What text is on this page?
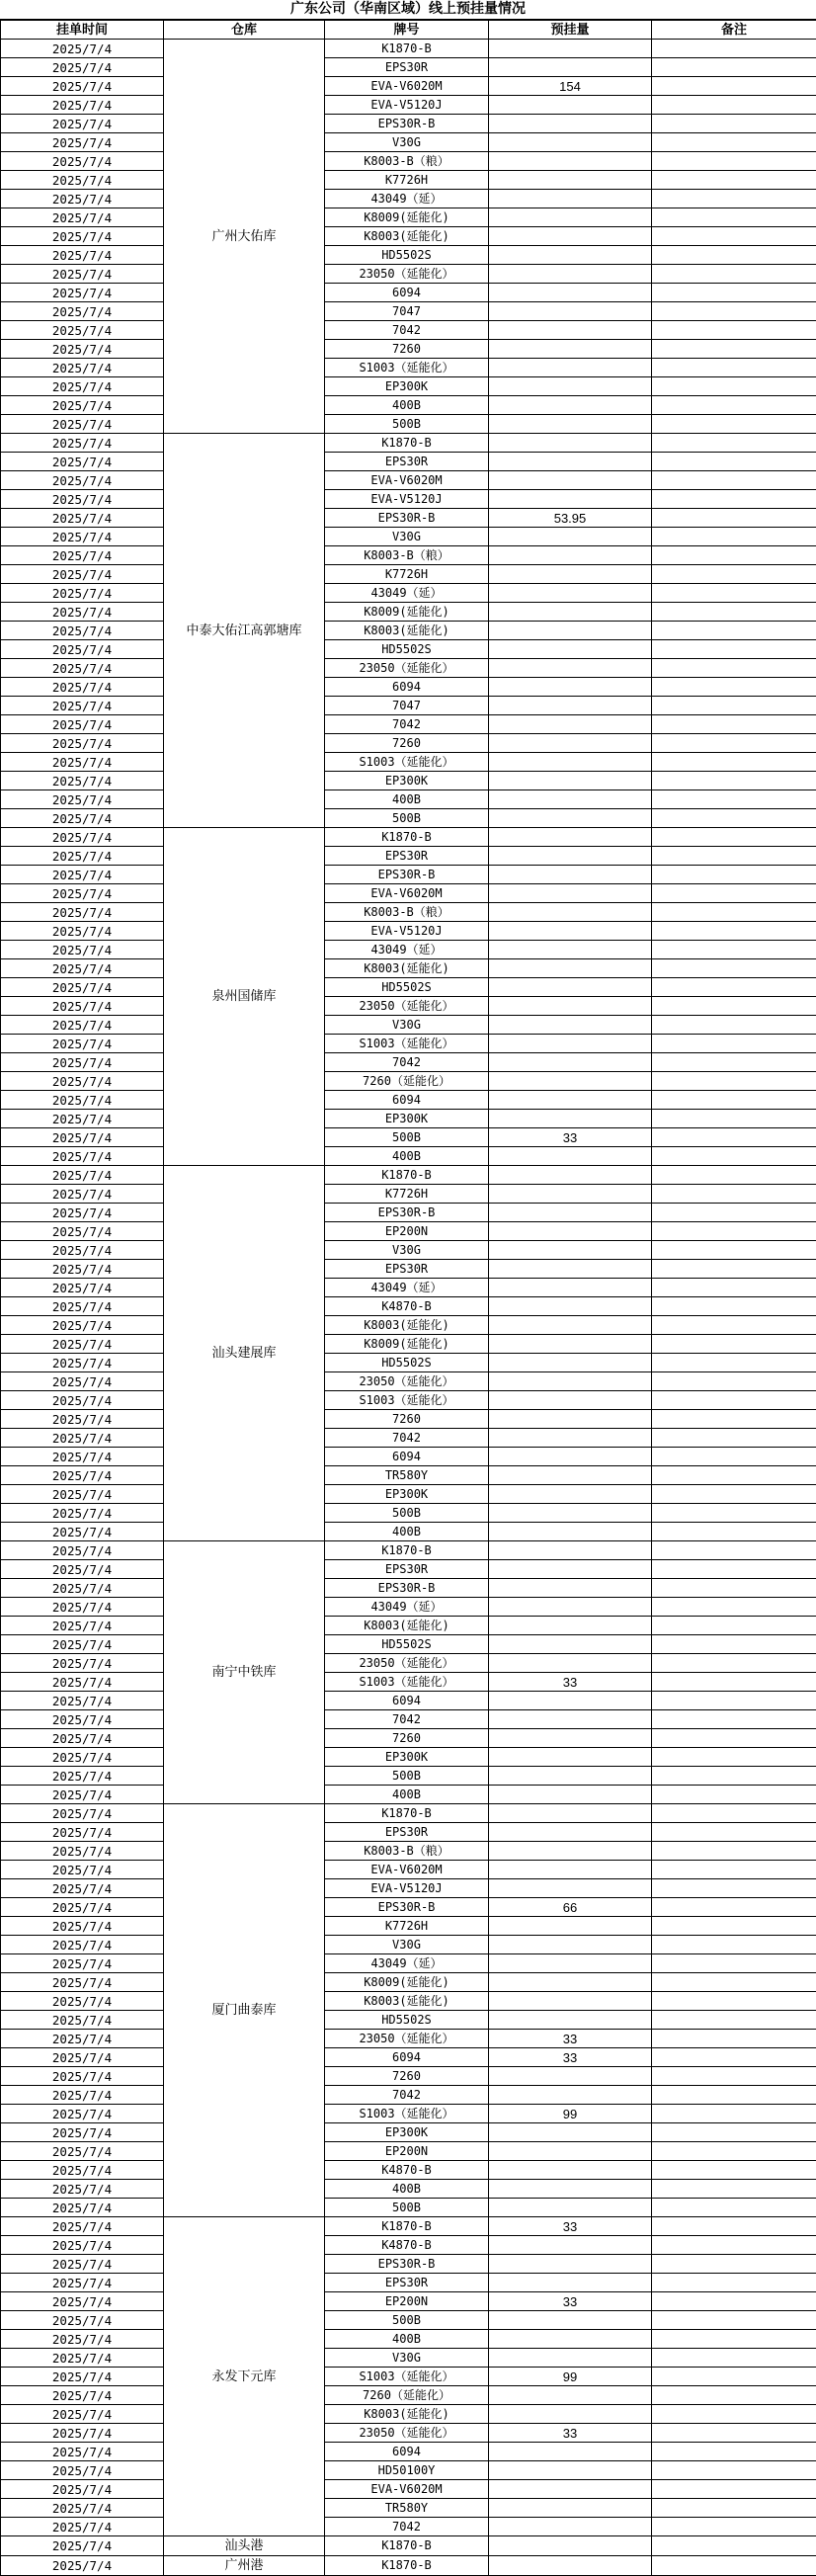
广东公司（华南区域）线上预挂量情况
挂单时间	仓库	牌号	预挂量	备注
2025/7/4	广州大佑库	K1870-B		
2025/7/4		EPS30R		
2025/7/4		EVA-V6020M	154	
2025/7/4		EVA-V5120J		
2025/7/4		EPS30R-B		
2025/7/4		V30G		
2025/7/4		K8003-B（粮）		
2025/7/4		K7726H		
2025/7/4		43049（延）		
2025/7/4		K8009(延能化)		
2025/7/4		K8003(延能化)		
2025/7/4		HD5502S		
2025/7/4		23050（延能化）		
2025/7/4		6094		
2025/7/4		7047		
2025/7/4		7042		
2025/7/4		7260		
2025/7/4		S1003（延能化）		
2025/7/4		EP300K		
2025/7/4		400B		
2025/7/4		500B		
2025/7/4	中泰大佑江高郭塘库	K1870-B		
2025/7/4		EPS30R		
2025/7/4		EVA-V6020M		
2025/7/4		EVA-V5120J		
2025/7/4		EPS30R-B	53.95	
2025/7/4		V30G		
2025/7/4		K8003-B（粮）		
2025/7/4		K7726H		
2025/7/4		43049（延）		
2025/7/4		K8009(延能化)		
2025/7/4		K8003(延能化)		
2025/7/4		HD5502S		
2025/7/4		23050（延能化）		
2025/7/4		6094		
2025/7/4		7047		
2025/7/4		7042		
2025/7/4		7260		
2025/7/4		S1003（延能化）		
2025/7/4		EP300K		
2025/7/4		400B		
2025/7/4		500B		
2025/7/4	泉州国储库	K1870-B		
2025/7/4		EPS30R		
2025/7/4		EPS30R-B		
2025/7/4		EVA-V6020M		
2025/7/4		K8003-B（粮）		
2025/7/4		EVA-V5120J		
2025/7/4		43049（延）		
2025/7/4		K8003(延能化)		
2025/7/4		HD5502S		
2025/7/4		23050（延能化）		
2025/7/4		V30G		
2025/7/4		S1003（延能化）		
2025/7/4		7042		
2025/7/4		7260（延能化）		
2025/7/4		6094		
2025/7/4		EP300K		
2025/7/4		500B	33	
2025/7/4		400B		
2025/7/4	汕头建展库	K1870-B		
2025/7/4		K7726H		
2025/7/4		EPS30R-B		
2025/7/4		EP200N		
2025/7/4		V30G		
2025/7/4		EPS30R		
2025/7/4		43049（延）		
2025/7/4		K4870-B		
2025/7/4		K8003(延能化)		
2025/7/4		K8009(延能化)		
2025/7/4		HD5502S		
2025/7/4		23050（延能化）		
2025/7/4		S1003（延能化）		
2025/7/4		7260		
2025/7/4		7042		
2025/7/4		6094		
2025/7/4		TR580Y		
2025/7/4		EP300K		
2025/7/4		500B		
2025/7/4		400B		
2025/7/4	南宁中铁库	K1870-B		
2025/7/4		EPS30R		
2025/7/4		EPS30R-B		
2025/7/4		43049（延）		
2025/7/4		K8003(延能化)		
2025/7/4		HD5502S		
2025/7/4		23050（延能化）		
2025/7/4		S1003（延能化）	33	
2025/7/4		6094		
2025/7/4		7042		
2025/7/4		7260		
2025/7/4		EP300K		
2025/7/4		500B		
2025/7/4		400B		
2025/7/4	厦门曲泰库	K1870-B		
2025/7/4		EPS30R		
2025/7/4		K8003-B（粮）		
2025/7/4		EVA-V6020M		
2025/7/4		EVA-V5120J		
2025/7/4		EPS30R-B	66	
2025/7/4		K7726H		
2025/7/4		V30G		
2025/7/4		43049（延）		
2025/7/4		K8009(延能化)		
2025/7/4		K8003(延能化)		
2025/7/4		HD5502S		
2025/7/4		23050（延能化）	33	
2025/7/4		6094	33	
2025/7/4		7260		
2025/7/4		7042		
2025/7/4		S1003（延能化）	99	
2025/7/4		EP300K		
2025/7/4		EP200N		
2025/7/4		K4870-B		
2025/7/4		400B		
2025/7/4		500B		
2025/7/4	永发下元库	K1870-B	33	
2025/7/4		K4870-B		
2025/7/4		EPS30R-B		
2025/7/4		EPS30R		
2025/7/4		EP200N	33	
2025/7/4		500B		
2025/7/4		400B		
2025/7/4		V30G		
2025/7/4		S1003（延能化）	99	
2025/7/4		7260（延能化）		
2025/7/4		K8003(延能化)		
2025/7/4		23050（延能化）	33	
2025/7/4		6094		
2025/7/4		HD50100Y		
2025/7/4		EVA-V6020M		
2025/7/4		TR580Y		
2025/7/4		7042		
2025/7/4	汕头港	K1870-B		
2025/7/4	广州港	K1870-B		
